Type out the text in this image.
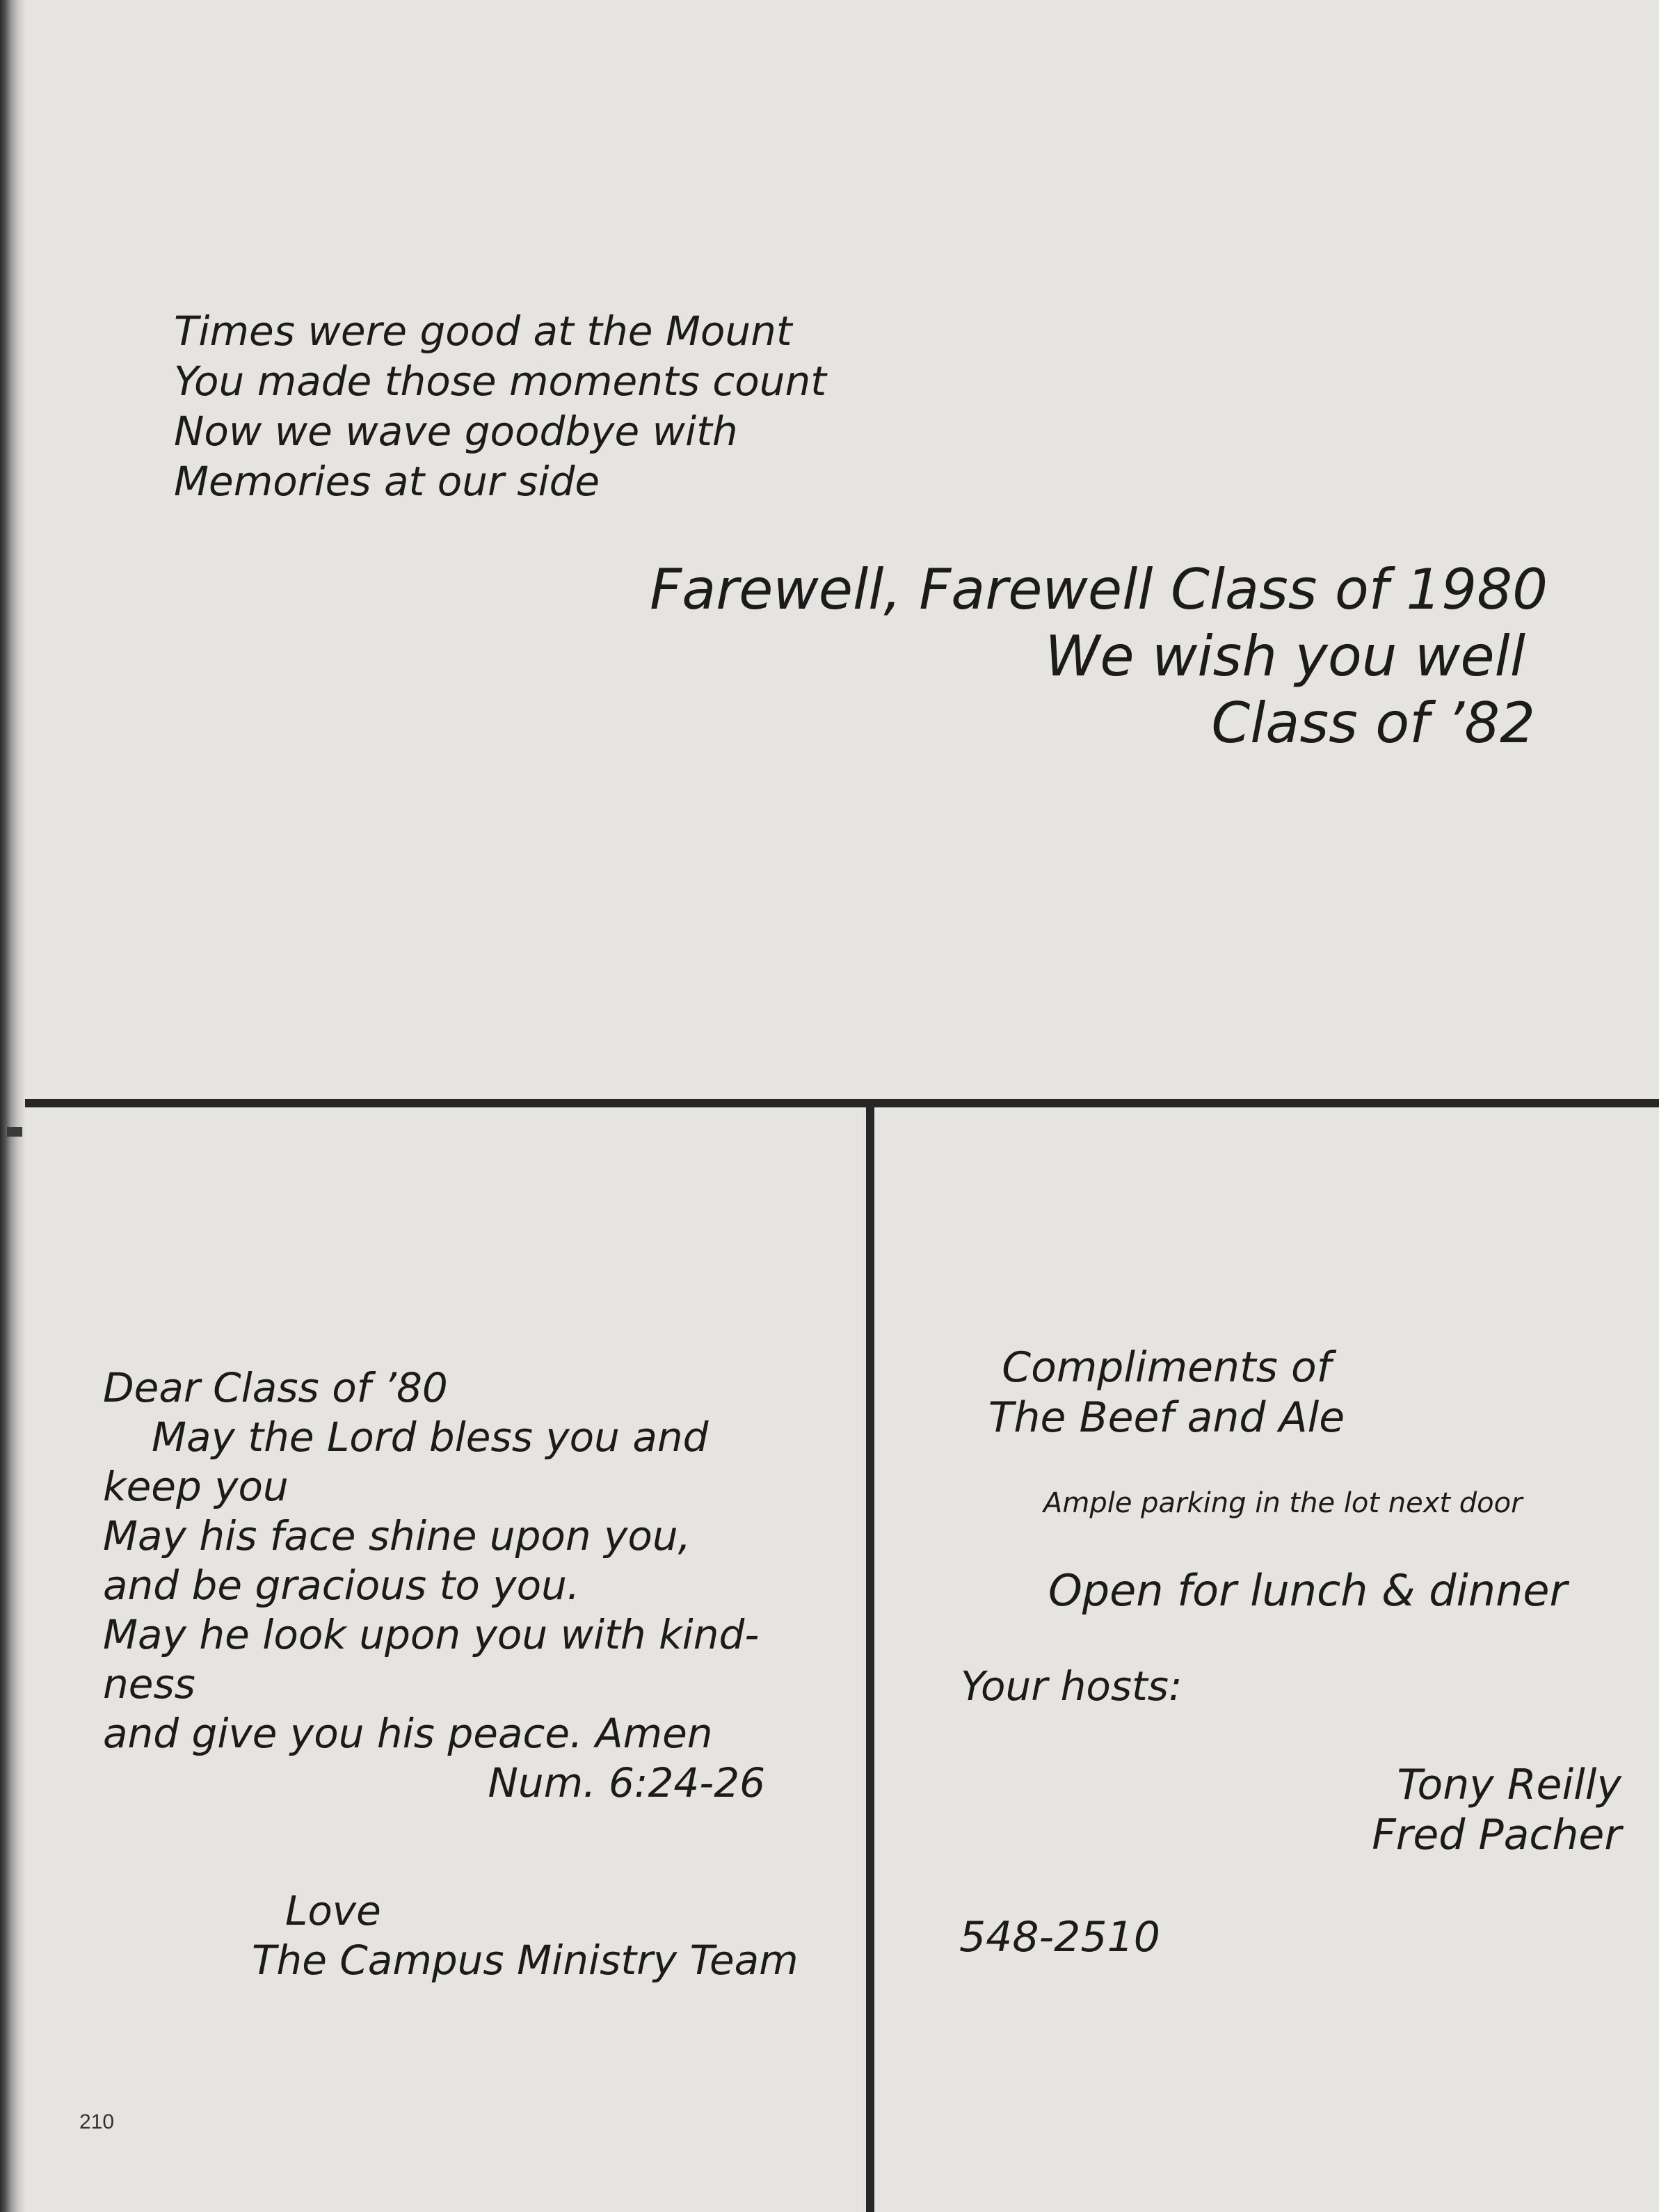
Times were good at the Mount
You made those moments count
Now we wave goodbye with
Memories at our side
Farewell, Farewell Class of 1980
We wish you well
Class of ’82
Dear Class of ’80
May the Lord bless you and
keep you
May his face shine upon you,
and be gracious to you.
May he look upon you with kind-
ness
and give you his peace. Amen
Num. 6:24-26
Love
The Campus Ministry Team
210
Compliments of
The Beef and Ale
Ample parking in the lot next door
Open for lunch & dinner
Your hosts:
Tony Reilly
Fred Pacher
548-2510
